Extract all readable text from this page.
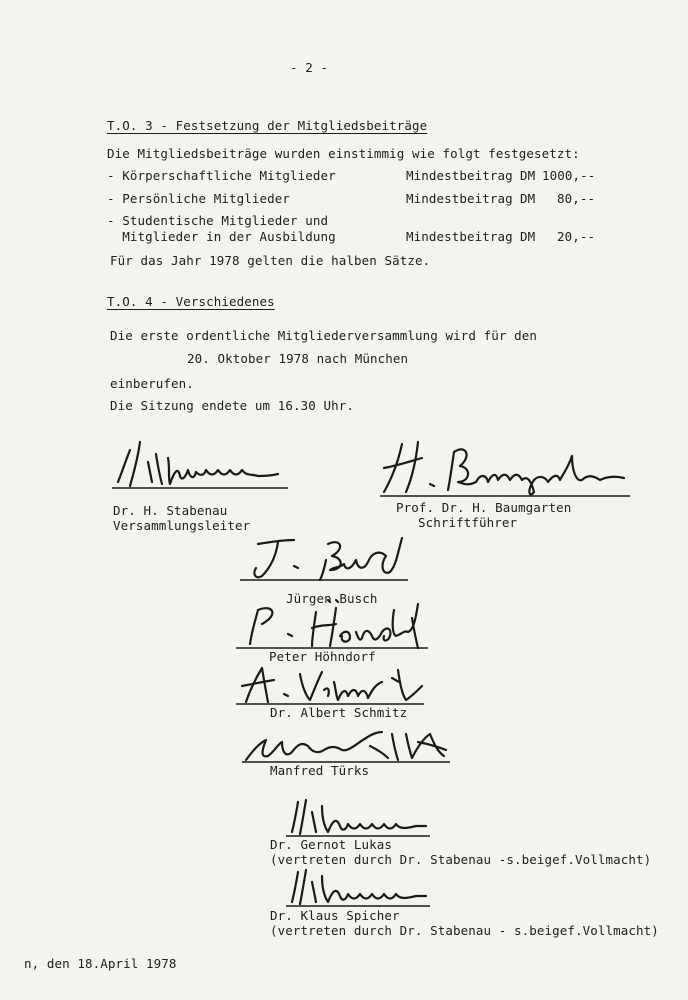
- 2 -
T.O. 3 - Festsetzung der Mitgliedsbeiträge
Die Mitgliedsbeiträge wurden einstimmig wie folgt festgesetzt:
- Körperschaftliche Mitglieder	Mindestbeitrag DM 1000,--
- Persönliche Mitglieder	Mindestbeitrag DM 80,--
- Studentische Mitglieder und
Mitglieder in der Ausbildung	Mindestbeitrag DM 20,--
Für das Jahr 1978 gelten die halben Sätze.
T.O. 4 - Verschiedenes
Die erste ordentliche Mitgliederversammlung wird für den
20. Oktober 1978 nach München
einberufen.
Die Sitzung endete um 16.30 Uhr.
Dr. H. Stabenau
Versammlungsleiter
Prof. Dr. H. Baumgarten
Schriftführer
Jürgen Busch
Peter Höhndorf
Dr. Albert Schmitz
Manfred Türks
Dr. Gernot Lukas
(vertreten durch Dr. Stabenau -s.beigef.Vollmacht)
Dr. Klaus Spicher
(vertreten durch Dr. Stabenau - s.beigef.Vollmacht)
n, den 18.April 1978
